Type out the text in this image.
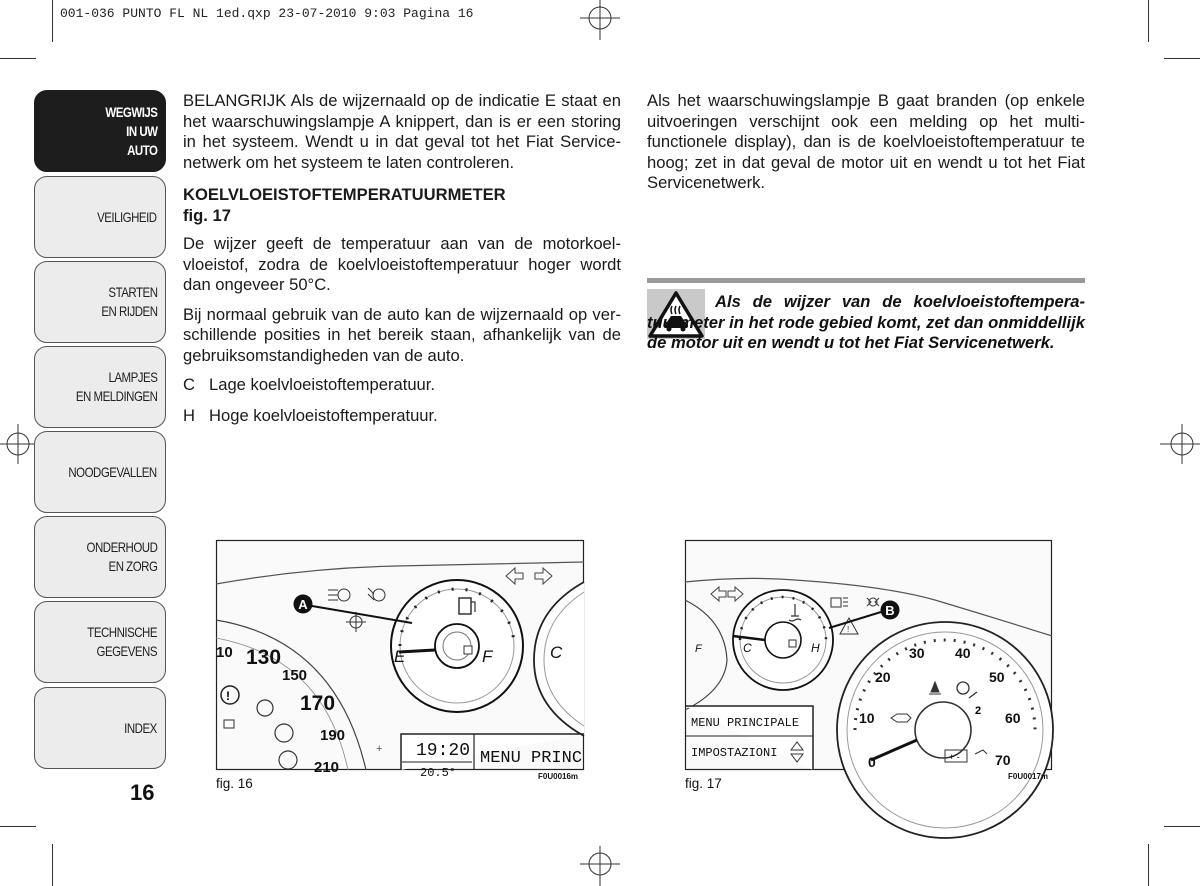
001-036 PUNTO FL NL 1ed.qxp 23-07-2010 9:03 Pagina 16
WEGWIJS
IN UW
AUTO
VEILIGHEID
STARTEN
EN RIJDEN
LAMPJES
EN MELDINGEN
NOODGEVALLEN
ONDERHOUD
EN ZORG
TECHNISCHE
GEGEVENS
INDEX
16

BELANGRIJK Als de wijzernaald op de indicatie E staat en het waarschuwingslampje A knippert, dan is er een storing in het systeem. Wendt u in dat geval tot het Fiat Servicenetwerk om het systeem te laten controleren.

KOELVLOEISTOFTEMPERATUURMETER
fig. 17

De wijzer geeft de temperatuur aan van de motorkoelvloeistof, zodra de koelvloeistoftemperatuur hoger wordt dan ongeveer 50°C.

Bij normaal gebruik van de auto kan de wijzernaald op verschillende posities in het bereik staan, afhankelijk van de gebruiksomstandigheden van de auto.

C Lage koelvloeistoftemperatuur.
H Hoge koelvloeistoftemperatuur.

Als het waarschuwingslampje B gaat branden (op enkele uitvoeringen verschijnt ook een melding op het multifunctionele display), dan is de koelvloeistoftemperatuur te hoog; zet in dat geval de motor uit en wendt u tot het Fiat Servicenetwerk.

Als de wijzer van de koelvloeistoftemperatuurmeter in het rode gebied komt, zet dan onmiddellijk de motor uit en wendt u tot het Fiat Servicenetwerk.
10 130
150
170
190
210
!
E	F	C
A
19:20
20.5°
MENU PRINC
+
fig. 16	F0U0016m
F	C	H
!
B
0
10
20
30 40
50
60
70
2
+ -
MENU PRINCIPALE
IMPOSTAZIONI
fig. 17	F0U0017m
